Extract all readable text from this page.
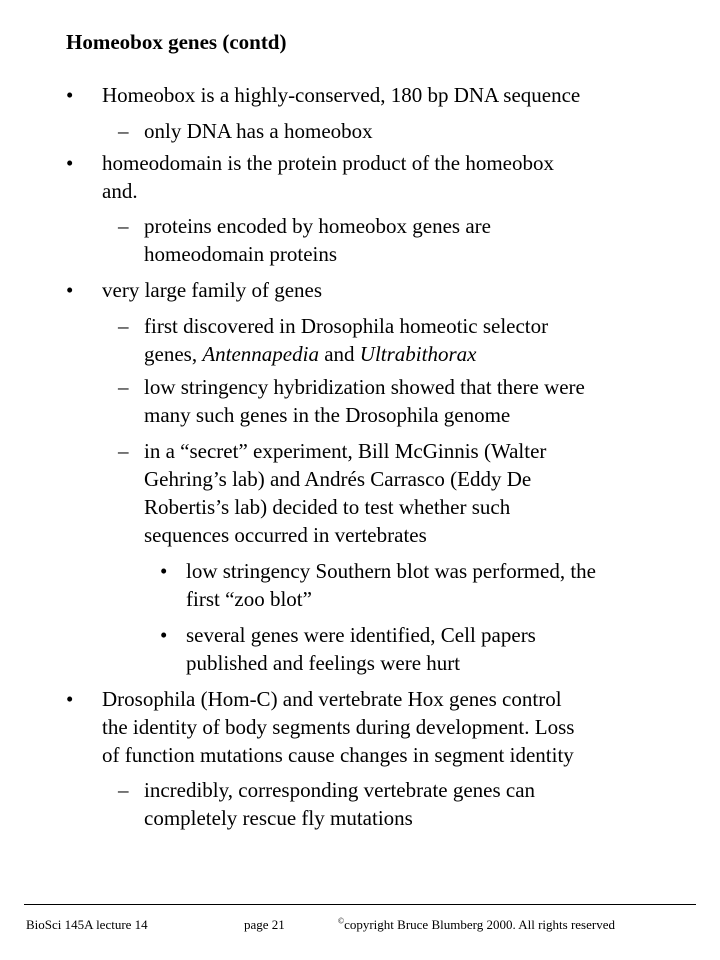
Homeobox genes (contd)
• Homeobox is a highly-conserved, 180 bp DNA sequence
– only DNA has a homeobox
• homeodomain is the protein product of the homeobox
and.
– proteins encoded by homeobox genes are
homeodomain proteins
• very large family of genes
– first discovered in Drosophila homeotic selector
genes, Antennapedia and Ultrabithorax
– low stringency hybridization showed that there were
many such genes in the Drosophila genome
– in a “secret” experiment, Bill McGinnis (Walter
Gehring’s lab) and Andrés Carrasco (Eddy De
Robertis’s lab) decided to test whether such
sequences occurred in vertebrates
• low stringency Southern blot was performed, the
first “zoo blot”
• several genes were identified, Cell papers
published and feelings were hurt
• Drosophila (Hom-C) and vertebrate Hox genes control
the identity of body segments during development. Loss
of function mutations cause changes in segment identity
– incredibly, corresponding vertebrate genes can
completely rescue fly mutations
BioSci 145A lecture 14	page 21	©copyright Bruce Blumberg 2000. All rights reserved
